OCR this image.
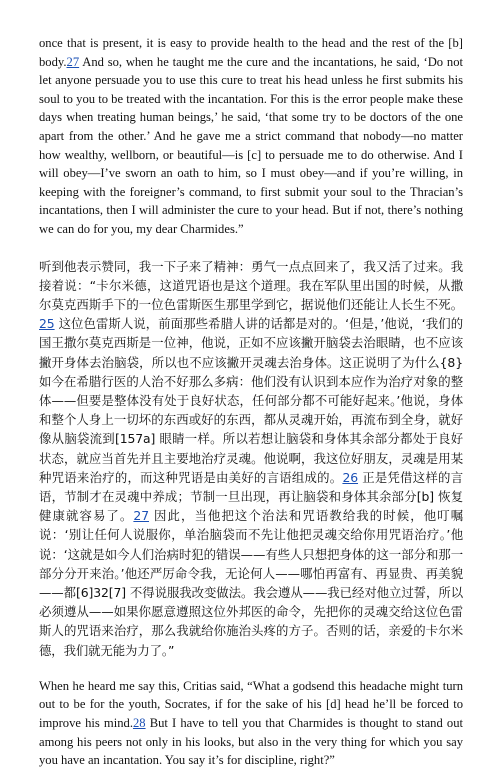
once that is present, it is easy to provide health to the head and the rest of the [b] body.27 And so, when he taught me the cure and the incantations, he said, ‘Do not let anyone persuade you to use this cure to treat his head unless he first submits his soul to you to be treated with the incantation. For this is the error people make these days when treating human beings,’ he said, ‘that some try to be doctors of the one apart from the other.’ And he gave me a strict command that nobody—no matter how wealthy, wellborn, or beautiful—is [c] to persuade me to do otherwise. And I will obey—I’ve sworn an oath to him, so I must obey—and if you’re willing, in keeping with the foreigner’s command, to first submit your soul to the Thracian’s incantations, then I will administer the cure to your head. But if not, there’s nothing we can do for you, my dear Charmides.”

听到他表示赞同，我一下子来了精神：勇气一点点回来了，我又活了过来。我接着说：“卡尔米德，这道咒语也是这个道理。我在军队里出国的时候，从撒尔莫克西斯手下的一位色雷斯医生那里学到它，据说他们还能让人长生不死。25 这位色雷斯人说，前面那些希腊人讲的话都是对的。‘但是，’他说，‘我们的国王撒尔莫克西斯是一位神，他说，正如不应该撇开脑袋去治眼睛，也不应该撇开身体去治脑袋，所以也不应该撇开灵魂去治身体。这正说明了为什么{8} 如今在希腊行医的人治不好那么多病：他们没有认识到本应作为治疗对象的整体——但要是整体没有处于良好状态，任何部分都不可能好起来。’他说，身体和整个人身上一切坏的东西或好的东西，都从灵魂开始，再流布到全身，就好像从脑袋流到[157a] 眼睛一样。所以若想让脑袋和身体其余部分都处于良好状态，就应当首先并且主要地治疗灵魂。他说啊，我这位好朋友，灵魂是用某种咒语来治疗的，而这种咒语是由美好的言语组成的。26 正是凭借这样的言语，节制才在灵魂中养成；节制一旦出现，再让脑袋和身体其余部分[b] 恢复健康就容易了。27 因此，当他把这个治法和咒语教给我的时候，他叮嘱说：‘别让任何人说服你，单治脑袋而不先让他把灵魂交给你用咒语治疗。’他说：‘这就是如今人们治病时犯的错误——有些人只想把身体的这一部分和那一部分分开来治。’他还严厉命令我，无论何人——哪怕再富有、再显贵、再美貌——都[6]32[7] 不得说服我改变做法。我会遵从——我已经对他立过誓，所以必须遵从——如果你愿意遵照这位外邦医的命令，先把你的灵魂交给这位色雷斯人的咒语来治疗，那么我就给你施治头疼的方子。否则的话，亲爱的卡尔米德，我们就无能为力了。”

When he heard me say this, Critias said, “What a godsend this headache might turn out to be for the youth, Socrates, if for the sake of his [d] head he’ll be forced to improve his mind.28 But I have to tell you that Charmides is thought to stand out among his peers not only in his looks, but also in the very thing for which you say you have an incantation. You say it’s for discipline, right?”
